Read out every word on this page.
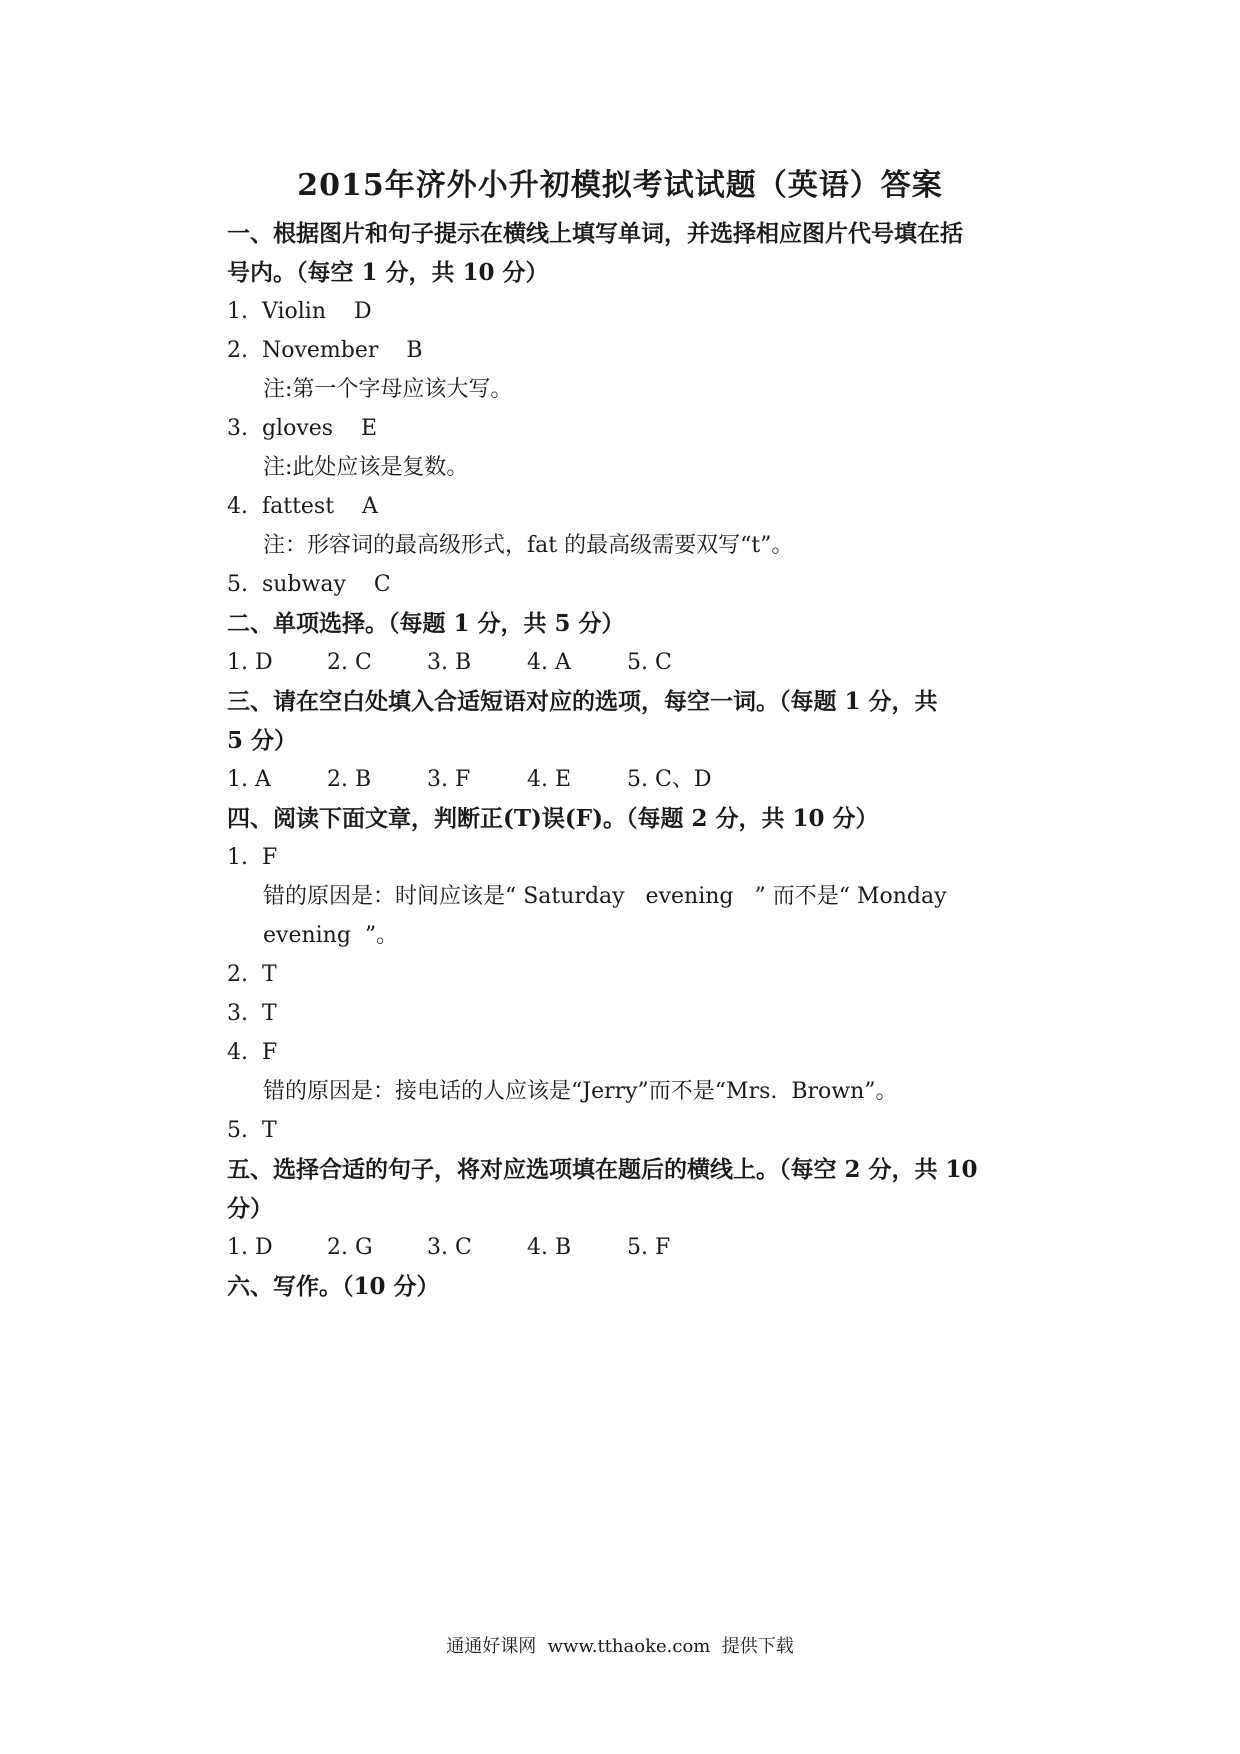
2015年济外小升初模拟考试试题（英语）答案
一、根据图片和句子提示在横线上填写单词，并选择相应图片代号填在括
号内。（每空 1 分，共 10 分）
1.  Violin    D
2.  November    B
注:第一个字母应该大写。
3.  gloves    E
注:此处应该是复数。
4.  fattest    A
注：形容词的最高级形式，fat 的最高级需要双写“t”。
5.  subway    C
二、单项选择。（每题 1 分，共 5 分）
1. D	2. C	3. B	4. A	5. C
三、请在空白处填入合适短语对应的选项，每空一词。（每题 1 分，共
5 分）
1. A	2. B	3. F	4. E	5. C、D
四、阅读下面文章，判断正(T)误(F)。（每题 2 分，共 10 分）
1.  F
错的原因是：时间应该是“ Saturday   evening   ” 而不是“ Monday
evening  ”。
2.  T
3.  T
4.  F
错的原因是：接电话的人应该是“Jerry”而不是“Mrs.  Brown”。
5.  T
五、选择合适的句子，将对应选项填在题后的横线上。（每空 2 分，共 10
分）
1. D	2. G	3. C	4. B	5. F
六、写作。（10 分）
通通好课网  www.tthaoke.com  提供下载
